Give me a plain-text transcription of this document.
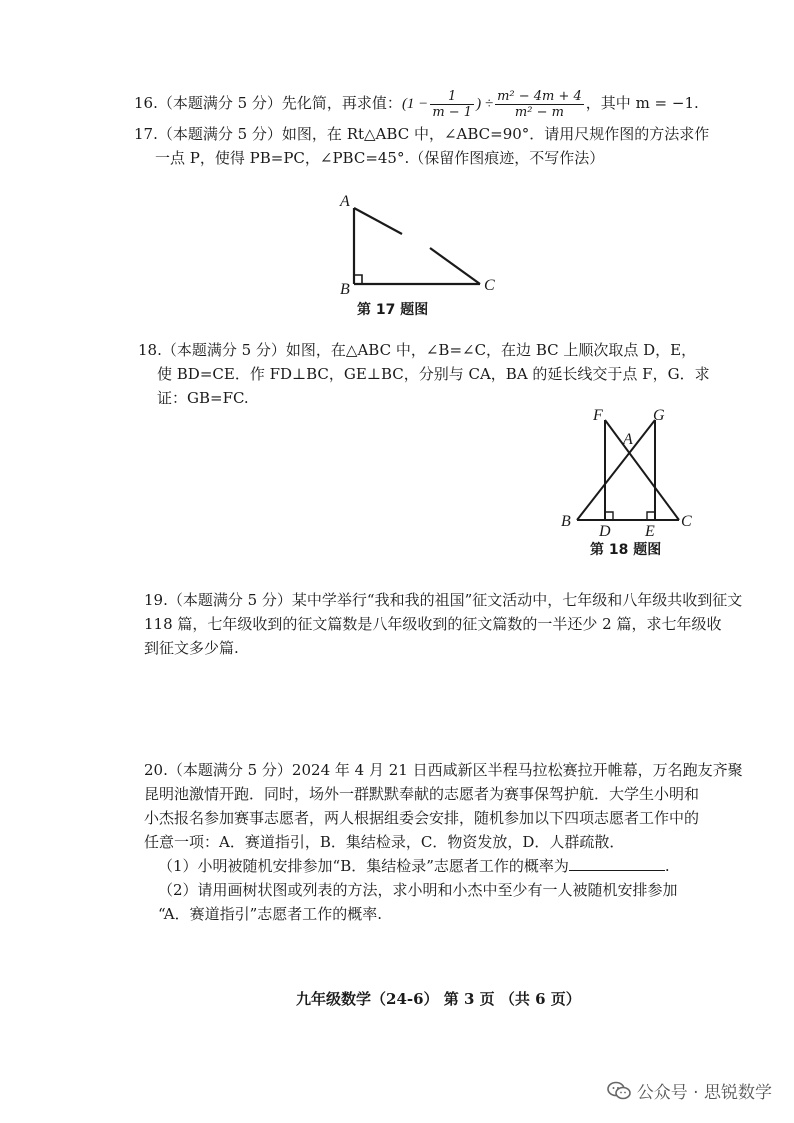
16.（本题满分 5 分）先化简，再求值：($1 - \frac{1}{m - 1}$ ) ÷ $\frac{\text{m² − 4m + 4}}{\text{m² − m}}$ ，其中 m = −1.
17.（本题满分 5 分）如图，在 Rt△ABC 中，∠ABC=90°．请用尺规作图的方法求作
一点 P，使得 PB=PC，∠PBC=45°.（保留作图痕迹，不写作法）
A
B	C
第 17 题图
18.（本题满分 5 分）如图，在△ABC 中，∠B=∠C，在边 BC 上顺次取点 D，E，
使 BD=CE．作 FD⊥BC，GE⊥BC，分别与 CA，BA 的延长线交于点 F，G．求
证：GB=FC.
F	G
A
B
D E
C
第 18 题图
19.（本题满分 5 分）某中学举行“我和我的祖国”征文活动中，七年级和八年级共收到征文
118 篇，七年级收到的征文篇数是八年级收到的征文篇数的一半还少 2 篇，求七年级收
到征文多少篇.
20.（本题满分 5 分）2024 年 4 月 21 日西咸新区半程马拉松赛拉开帷幕，万名跑友齐聚
昆明池激情开跑．同时，场外一群默默奉献的志愿者为赛事保驾护航．大学生小明和
小杰报名参加赛事志愿者，两人根据组委会安排，随机参加以下四项志愿者工作中的
任意一项：A．赛道指引，B．集结检录，C．物资发放，D．人群疏散．
（1）小明被随机安排参加“B．集结检录”志愿者工作的概率为	.
（2）请用画树状图或列表的方法，求小明和小杰中至少有一人被随机安排参加
“A．赛道指引”志愿者工作的概率.
九年级数学（24-6） 第 3 页 （共 6 页）
公众号 · 思锐数学
